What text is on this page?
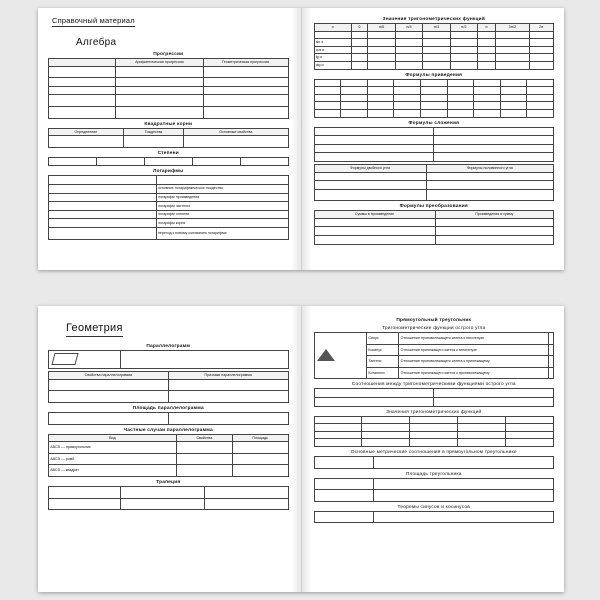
Справочный материал
Алгебра
Прогрессии
	Арифметическая прогрессия	Геометрическая прогрессия

Квадратные корни
Определение	Тождества	Основные свойства

Степени

Логарифмы

	основное логарифмическое тождество
	логарифм произведения
	логарифм частного
	логарифм степени
	логарифм корня
	переход к новому основанию логарифма
Значения тригонометрических функций
α	0	π/6	π/4	π/3	π/2	π	3π/2	2π

sin α								
cos α								
tg α								
ctg α								
Формулы приведения

Формулы сложения

Формулы двойного угла	Формулы половинного угла

Формулы преобразования
Суммы в произведение	Произведения в сумму

Геометрия
Параллелограмм

Свойства параллелограмма	Признаки параллелограмма

Площадь параллелограмма

Частные случаи параллелограмма
Вид	Свойства	Площадь
ABCD — прямоугольник		
ABCD — ромб		
ABCD — квадрат		
Трапеция

Прямоугольный треугольник
Тригонометрические функции острого угла
	Синус	Отношение противолежащего катета к гипотенузе	
	Косинус	Отношение прилежащего катета к гипотенузе	
	Тангенс	Отношение противолежащего катета к прилежащему	
	Котангенс	Отношение прилежащего катета к противолежащему	
Соотношения между тригонометрическими функциями острого угла

Значения тригонометрических функций

Основные метрические соотношения в прямоугольном треугольнике

Площадь треугольника

Теоремы синусов и косинусов
